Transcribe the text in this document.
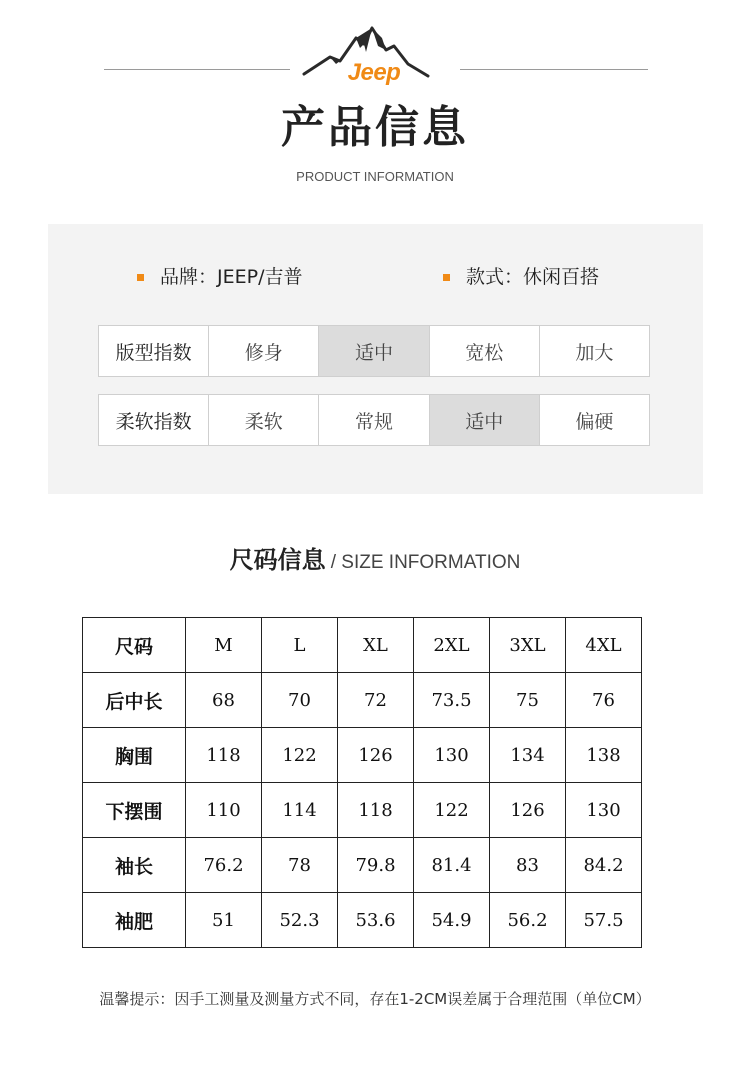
Jeep
产品信息
PRODUCT INFORMATION
品牌：JEEP/吉普	款式：休闲百搭
版型指数	修身	适中	宽松	加大
柔软指数	柔软	常规	适中	偏硬
尺码信息 / SIZE INFORMATION
尺码	M	L	XL	2XL	3XL	4XL
后中长	68	70	72	73.5	75	76
胸围	118	122	126	130	134	138
下摆围	110	114	118	122	126	130
袖长	76.2	78	79.8	81.4	83	84.2
袖肥	51	52.3	53.6	54.9	56.2	57.5
温馨提示：因手工测量及测量方式不同，存在1-2CM误差属于合理范围（单位CM）
